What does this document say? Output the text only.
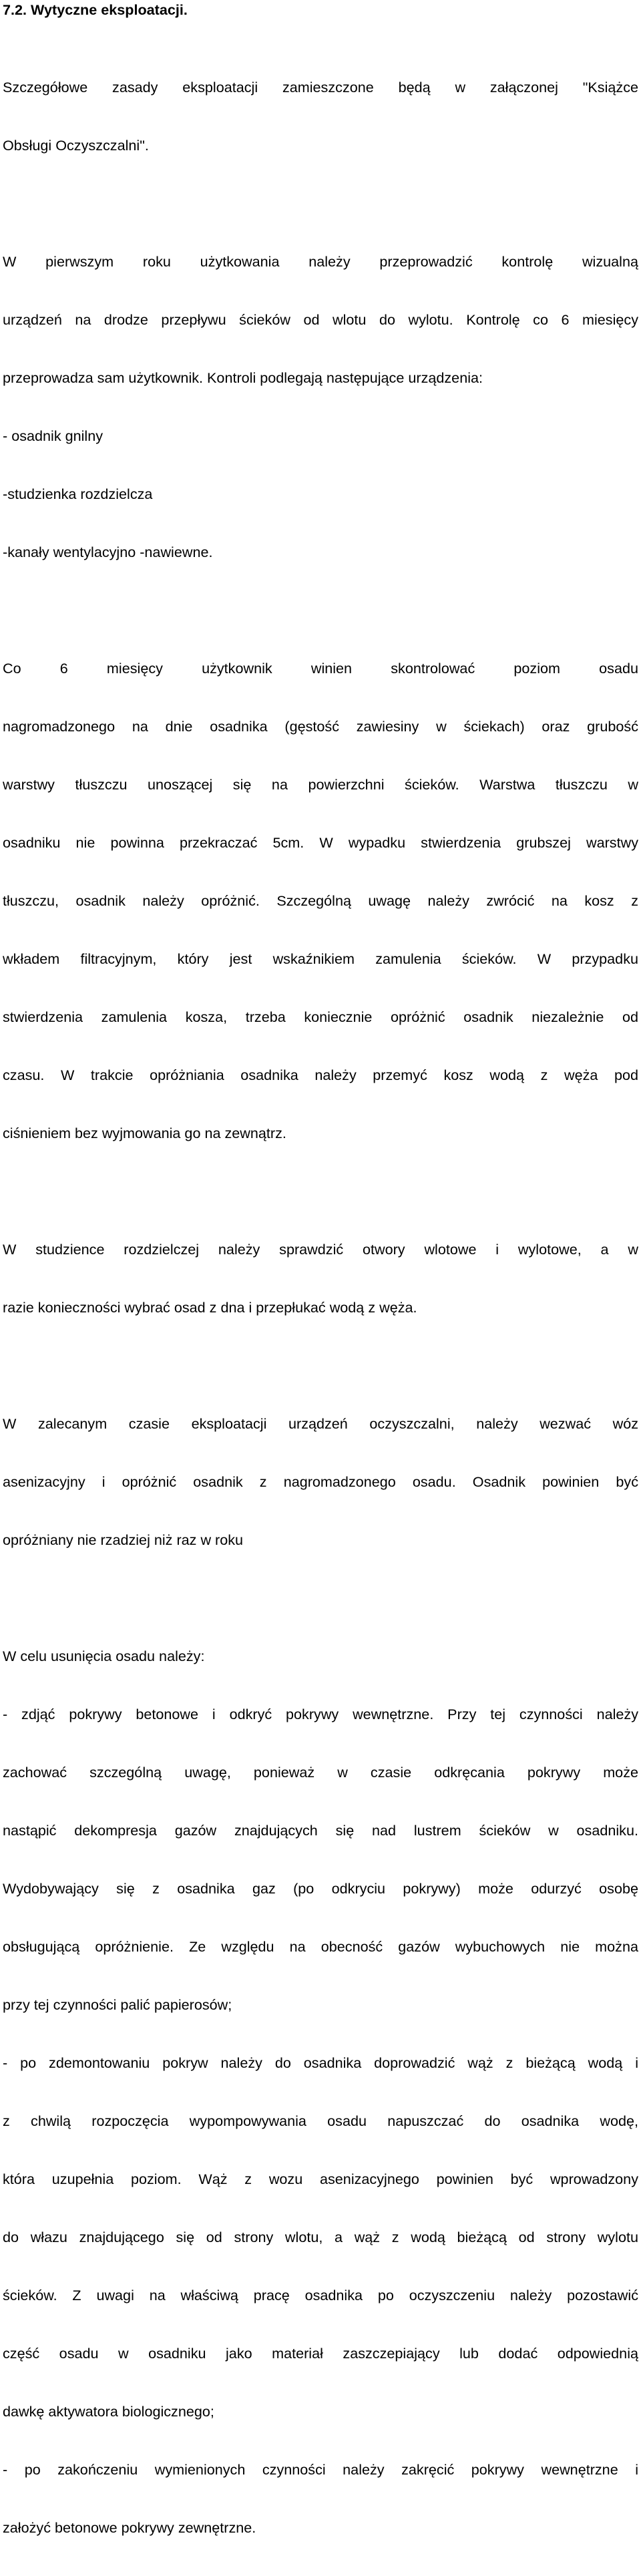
7.2. Wytyczne eksploatacji.

Szczegółowe zasady eksploatacji zamieszczone będą w załączonej "Książce

Obsługi Oczyszczalni".

W pierwszym roku użytkowania należy przeprowadzić kontrolę wizualną

urządzeń na drodze przepływu ścieków od wlotu do wylotu. Kontrolę co 6 miesięcy

przeprowadza sam użytkownik. Kontroli podlegają następujące urządzenia:

- osadnik gnilny

-studzienka rozdzielcza

-kanały wentylacyjno -nawiewne.

Co 6 miesięcy użytkownik winien skontrolować poziom osadu

nagromadzonego na dnie osadnika (gęstość zawiesiny w ściekach) oraz grubość

warstwy tłuszczu unoszącej się na powierzchni ścieków. Warstwa tłuszczu w

osadniku nie powinna przekraczać 5cm. W wypadku stwierdzenia grubszej warstwy

tłuszczu, osadnik należy opróżnić. Szczególną uwagę należy zwrócić na kosz z

wkładem filtracyjnym, który jest wskaźnikiem zamulenia ścieków. W przypadku

stwierdzenia zamulenia kosza, trzeba koniecznie opróżnić osadnik niezależnie od

czasu. W trakcie opróżniania osadnika należy przemyć kosz wodą z węża pod

ciśnieniem bez wyjmowania go na zewnątrz.

W studzience rozdzielczej należy sprawdzić otwory wlotowe i wylotowe, a w

razie konieczności wybrać osad z dna i przepłukać wodą z węża.

W zalecanym czasie eksploatacji urządzeń oczyszczalni, należy wezwać wóz

asenizacyjny i opróżnić osadnik z nagromadzonego osadu. Osadnik powinien być

opróżniany nie rzadziej niż raz w roku

W celu usunięcia osadu należy:

- zdjąć pokrywy betonowe i odkryć pokrywy wewnętrzne. Przy tej czynności należy

zachować szczególną uwagę, ponieważ w czasie odkręcania pokrywy może

nastąpić dekompresja gazów znajdujących się nad lustrem ścieków w osadniku.

Wydobywający się z osadnika gaz (po odkryciu pokrywy) może odurzyć osobę

obsługującą opróżnienie. Ze względu na obecność gazów wybuchowych nie można

przy tej czynności palić papierosów;

- po zdemontowaniu pokryw należy do osadnika doprowadzić wąż z bieżącą wodą i

z chwilą rozpoczęcia wypompowywania osadu napuszczać do osadnika wodę,

która uzupełnia poziom. Wąż z wozu asenizacyjnego powinien być wprowadzony

do włazu znajdującego się od strony wlotu, a wąż z wodą bieżącą od strony wylotu

ścieków. Z uwagi na właściwą pracę osadnika po oczyszczeniu należy pozostawić

część osadu w osadniku jako materiał zaszczepiający lub dodać odpowiednią

dawkę aktywatora biologicznego;

- po zakończeniu wymienionych czynności należy zakręcić pokrywy wewnętrzne i

założyć betonowe pokrywy zewnętrzne.
